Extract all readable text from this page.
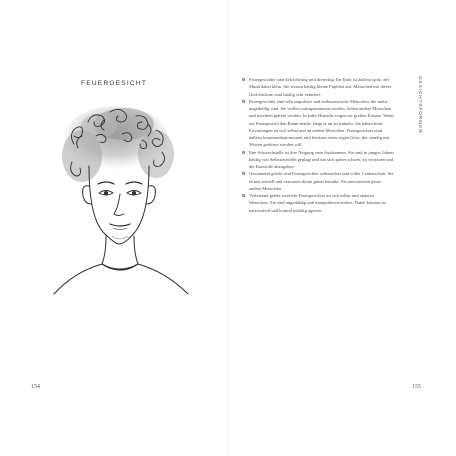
FEUERGESICHT
154
Feuergesichter sind kelchförmig und dreieckig. Ihr Kinn ist äußerst spitz, der Mund dabei klein. Sie weisen häufig kleine Pupillen auf. Menschen mit dieser Gesichtsform sind häufig sehr zentriert.
Feuergesichter sind sehr impulsive und enthusiastische Menschen, die meist ungeduldig sind. Sie wollen wahrgenommen werden, lieben andere Menschen und möchten geliebt werden. In jeder Hinsicht zeigen sie großen Einsatz. Wenn ein Feuergesicht den Raum betritt, fängt er an zu funkeln. Sie haben hohe Erwartungen an sich selbst und an andere Menschen. Feuergesichter sind äußerst kommunikationsstark und besitzen einen regen Geist, der ständig mit Wissen gefüttert werden will.
Ihre Schwachstelle ist ihre Neigung zum Ausbrennen. Sie sind in jungen Jahren häufig von Selbstzweifeln geplagt und tun sich später schwer, zu vertrauen und die Kontrolle abzugeben.
Gewinnend gelebt sind Feuergesichter selbstsicher und voller Leidenschaft. Sie lernen schnell und vertrauen ihrem guten Instinkt. Sie unterstützen gerne andere Menschen.
Verletzend gelebt zweifeln Feuergesichter an sich selbst und anderen Menschen. Sie sind ungeduldig und manipulieren andere. Dabei können sie narzisstisch und kontrollsüchtig agieren.
GESICHTSFORMEN
155
